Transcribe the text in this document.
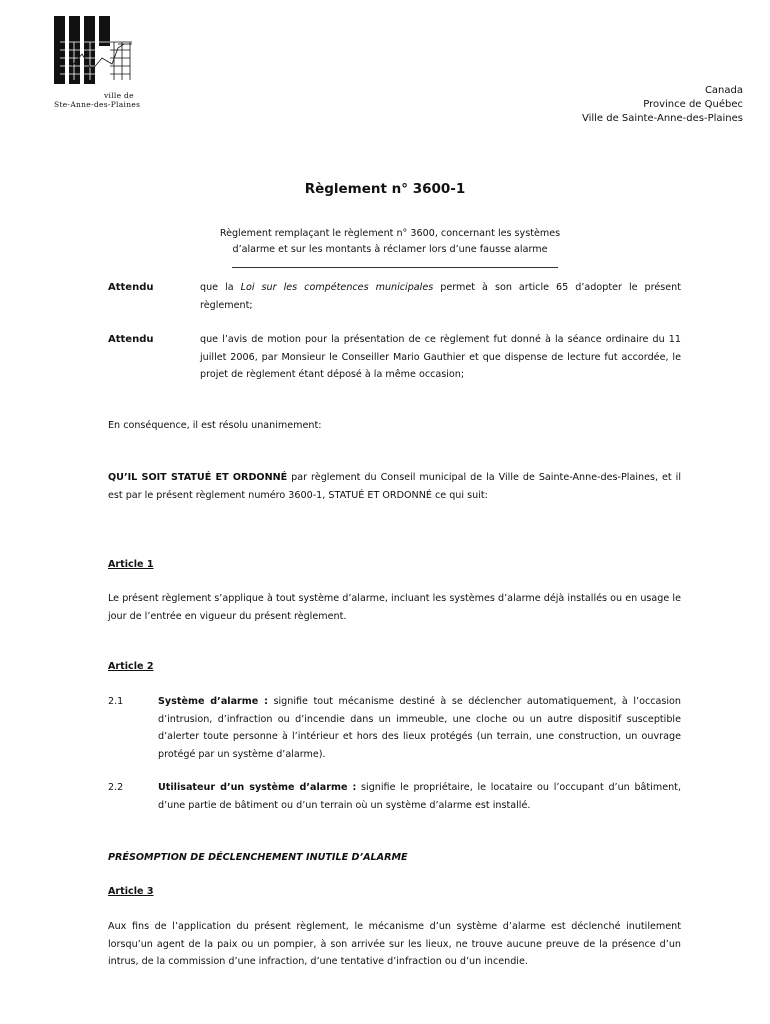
ville de
Ste-Anne-des-Plaines
Canada
Province de Québec
Ville de Sainte-Anne-des-Plaines
Règlement n° 3600-1
Règlement remplaçant le règlement n° 3600, concernant les systèmes
d’alarme et sur les montants à réclamer lors d’une fausse alarme
Attendu	que la Loi sur les compétences municipales permet à son article 65 d’adopter le présent règlement;
Attendu	que l’avis de motion pour la présentation de ce règlement fut donné à la séance ordinaire du 11 juillet 2006, par Monsieur le Conseiller Mario Gauthier et que dispense de lecture fut accordée, le projet de règlement étant déposé à la même occasion;
En conséquence, il est résolu unanimement:
QU’IL SOIT STATUÉ ET ORDONNÉ par règlement du Conseil municipal de la Ville de Sainte-Anne-des-Plaines, et il est par le présent règlement numéro 3600-1, STATUÉ ET ORDONNÉ ce qui suit:
Article 1
Le présent règlement s’applique à tout système d’alarme, incluant les systèmes d’alarme déjà installés ou en usage le jour de l’entrée en vigueur du présent règlement.
Article 2
2.1	Système d’alarme : signifie tout mécanisme destiné à se déclencher automatiquement, à l’occasion d’intrusion, d’infraction ou d’incendie dans un immeuble, une cloche ou un autre dispositif susceptible d’alerter toute personne à l’intérieur et hors des lieux protégés (un terrain, une construction, un ouvrage protégé par un système d’alarme).
2.2	Utilisateur d’un système d’alarme : signifie le propriétaire, le locataire ou l’occupant d’un bâtiment, d’une partie de bâtiment ou d’un terrain où un système d’alarme est installé.
PRÉSOMPTION DE DÉCLENCHEMENT INUTILE D’ALARME
Article 3
Aux fins de l’application du présent règlement, le mécanisme d’un système d’alarme est déclenché inutilement lorsqu’un agent de la paix ou un pompier, à son arrivée sur les lieux, ne trouve aucune preuve de la présence d’un intrus, de la commission d’une infraction, d’une tentative d’infraction ou d’un incendie.
